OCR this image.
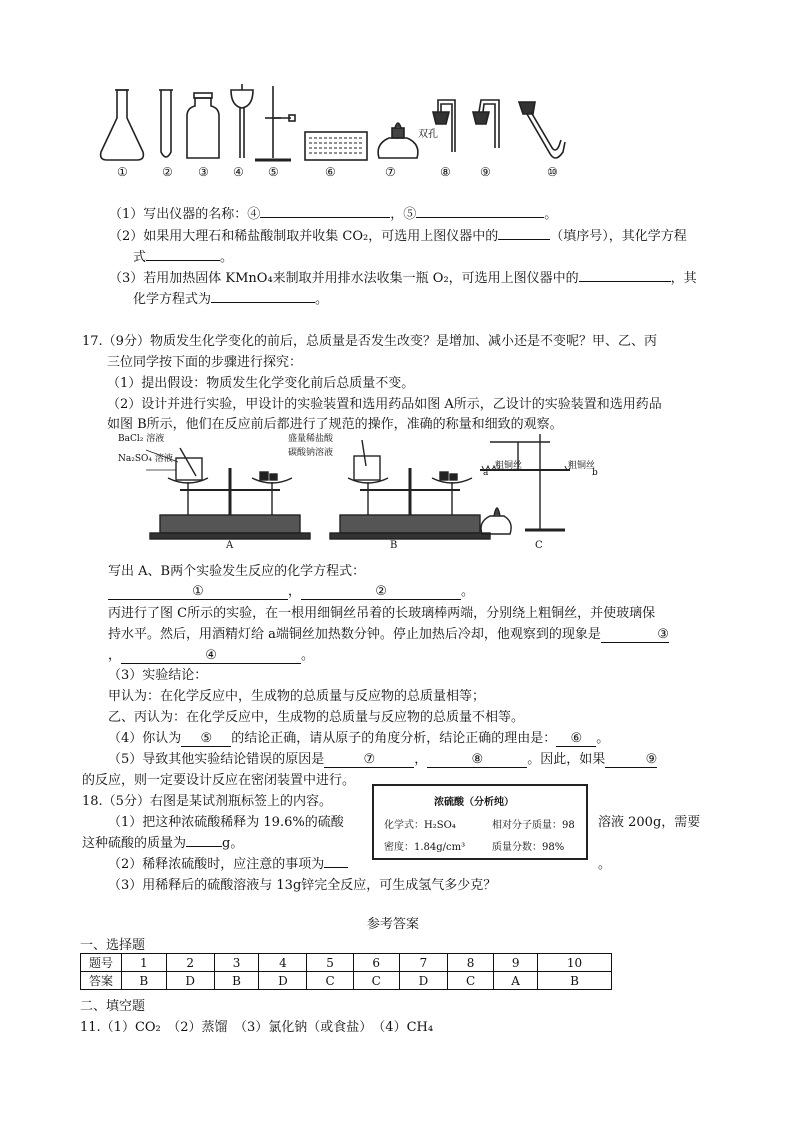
①	② ③ ④ ⑤	⑥	⑦	⑧ ⑨	⑩
双孔
（1）写出仪器的名称：④	，⑤	。
（2）如果用大理石和稀盐酸制取并收集 CO₂，可选用上图仪器中的	（填序号），其化学方程
式	。
（3）若用加热固体 KMnO₄来制取并用排水法收集一瓶 O₂，可选用上图仪器中的	，其
化学方程式为	。
17.（9分）物质发生化学变化的前后，总质量是否发生改变？是增加、减小还是不变呢？甲、乙、丙
三位同学按下面的步骤进行探究：
（1）提出假设：物质发生化学变化前后总质量不变。
（2）设计并进行实验，甲设计的实验装置和选用药品如图 A所示，乙设计的实验装置和选用药品
如图 B所示，他们在反应前后都进行了规范的操作，准确的称量和细致的观察。
BaCl₂ 溶液
Na₂SO₄ 溶液
盛量稀盐酸
碳酸钠溶液
粗铜丝	粗铜丝
a	b
A	B	C
写出 A、B两个实验发生反应的化学方程式：
①	，	②	。
丙进行了图 C所示的实验，在一根用细铜丝吊着的长玻璃棒两端，分别绕上粗铜丝，并使玻璃保
持水平。然后，用酒精灯给 a端铜丝加热数分钟。停止加热后冷却，他观察到的现象是	③
，	④	。
（3）实验结论：
甲认为：在化学反应中，生成物的总质量与反应物的总质量相等；
乙、丙认为：在化学反应中，生成物的总质量与反应物的总质量不相等。
（4）你认为 ⑤ 的结论正确，请从原子的角度分析，结论正确的理由是： ⑥ 。
（5）导致其他实验结论错误的原因是	⑦	，	⑧	。因此，如果	⑨
的反应，则一定要设计反应在密闭装置中进行。
18.（5分）右图是某试剂瓶标签上的内容。
（1）把这种浓硫酸稀释为 19.6%的硫酸	溶液 200g，需要
这种硫酸的质量为	g。
（2）稀释浓硫酸时，应注意的事项为	。
（3）用稀释后的硫酸溶液与 13g锌完全反应，可生成氢气多少克？
浓硫酸（分析纯）
化学式：H₂SO₄	相对分子质量：98
密度：1.84g/cm³	质量分数：98%
参考答案
一、选择题
题号	1	2	3	4	5	6	7	8	9	10
答案	B	D	B	D	C	C	D	C	A	B
二、填空题
11.（1）CO₂　（2）蒸馏　（3）氯化钠（或食盐）　（4）CH₄
